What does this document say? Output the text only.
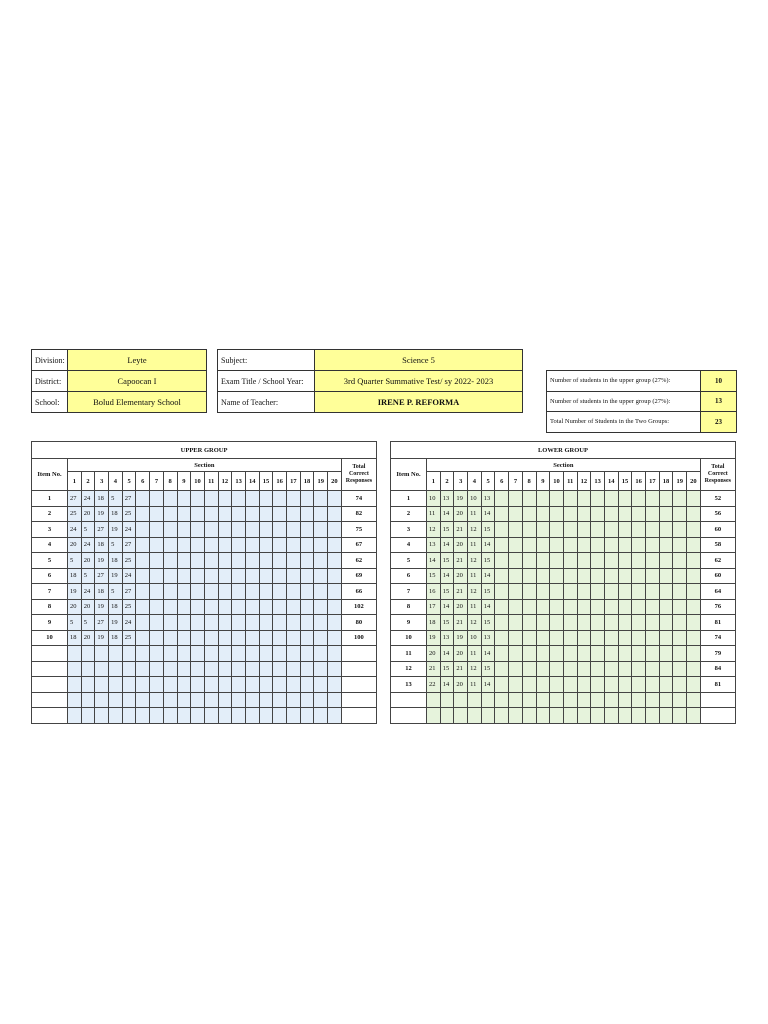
Division:	Leyte
District:	Capoocan I
School:	Bolud Elementary School
Subject:	Science 5
Exam Title / School Year:	3rd Quarter Summative Test/ sy 2022- 2023
Name of Teacher:	IRENE P. REFORMA
Number of students in the upper group (27%):	10
Number of students in the upper group (27%):	13
Total Number of Students in the Two Groups:	23
UPPER GROUP																					
Item No.	Section																				Total Correct Responses
	1	2	3	4	5	6	7	8	9	10	11	12	13	14	15	16	17	18	19	20	
1	27	24	18	5	27																74
2	25	20	19	18	25																82
3	24	5	27	19	24																75
4	20	24	18	5	27																67
5	5	20	19	18	25																62
6	18	5	27	19	24																69
7	19	24	18	5	27																66
8	20	20	19	18	25																102
9	5	5	27	19	24																80
10	18	20	19	18	25																100

LOWER GROUP																					
Item No.	Section																				Total Correct Responses
	1	2	3	4	5	6	7	8	9	10	11	12	13	14	15	16	17	18	19	20	
1	10	13	19	10	13																52
2	11	14	20	11	14																56
3	12	15	21	12	15																60
4	13	14	20	11	14																58
5	14	15	21	12	15																62
6	15	14	20	11	14																60
7	16	15	21	12	15																64
8	17	14	20	11	14																76
9	18	15	21	12	15																81
10	19	13	19	10	13																74
11	20	14	20	11	14																79
12	21	15	21	12	15																84
13	22	14	20	11	14																81
